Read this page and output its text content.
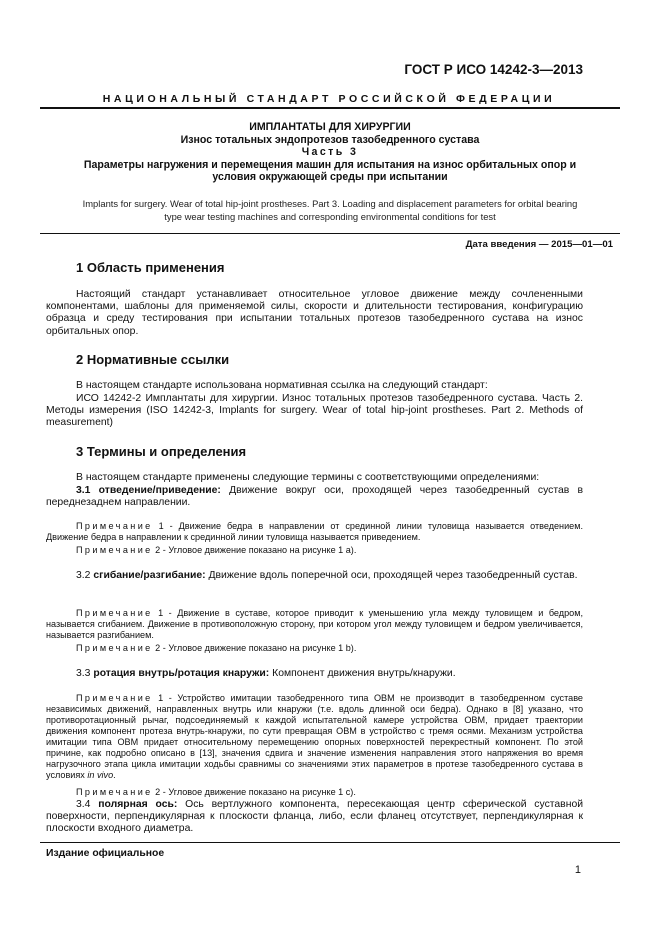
ГОСТ Р ИСО 14242-3—2013
НАЦИОНАЛЬНЫЙ СТАНДАРТ РОССИЙСКОЙ ФЕДЕРАЦИИ
ИМПЛАНТАТЫ ДЛЯ ХИРУРГИИ
Износ тотальных эндопротезов тазобедренного сустава
Часть 3
Параметры нагружения и перемещения машин для испытания на износ орбитальных опор и
условия окружающей среды при испытании
Implants for surgery. Wear of total hip-joint prostheses. Part 3. Loading and displacement parameters for orbital bearing
type wear testing machines and corresponding environmental conditions for test
Дата введения — 2015—01—01
1 Область применения
Настоящий стандарт устанавливает относительное угловое движение между сочлененными компонентами, шаблоны для применяемой силы, скорости и длительности тестирования, конфигурацию образца и среду тестирования при испытании тотальных протезов тазобедренного сустава на износ орбитальных опор.
2 Нормативные ссылки
В настоящем стандарте использована нормативная ссылка на следующий стандарт:
ИСО 14242-2 Имплантаты для хирургии. Износ тотальных протезов тазобедренного сустава. Часть 2. Методы измерения (ISO 14242-3, Implants for surgery. Wear of total hip-joint prostheses. Part 2. Methods of measurement)
3 Термины и определения
В настоящем стандарте применены следующие термины с соответствующими определениями:
3.1 отведение/приведение: Движение вокруг оси, проходящей через тазобедренный сустав в переднезаднем направлении.
Примечание 1 - Движение бедра в направлении от срединной линии туловища называется отведением. Движение бедра в направлении к срединной линии туловища называется приведением.
Примечание 2 - Угловое движение показано на рисунке 1 а).
3.2 сгибание/разгибание: Движение вдоль поперечной оси, проходящей через тазобедренный сустав.
Примечание 1 - Движение в суставе, которое приводит к уменьшению угла между туловищем и бедром, называется сгибанием. Движение в противоположную сторону, при котором угол между туловищем и бедром увеличивается, называется разгибанием.
Примечание 2 - Угловое движение показано на рисунке 1 b).
3.3 ротация внутрь/ротация кнаружи: Компонент движения внутрь/кнаружи.
Примечание 1 - Устройство имитации тазобедренного типа ОВМ не производит в тазобедренном суставе независимых движений, направленных внутрь или кнаружи (т.е. вдоль длинной оси бедра). Однако в [8] указано, что противоротационный рычаг, подсоединяемый к каждой испытательной камере устройства ОВМ, придает траектории движения компонент протеза внутрь-кнаружи, по сути превращая ОВМ в устройство с тремя осями. Механизм устройства имитации типа ОВМ придает относительному перемещению опорных поверхностей перекрестный компонент. По этой причине, как подробно описано в [13], значения сдвига и значение изменения направления этого напряжения во время нагрузочного этапа цикла имитации ходьбы сравнимы со значениями этих параметров в протезе тазобедренного сустава в условиях in vivo.
Примечание 2 - Угловое движение показано на рисунке 1 с).
3.4 полярная ось: Ось вертлужного компонента, пересекающая центр сферической суставной поверхности, перпендикулярная к плоскости фланца, либо, если фланец отсутствует, перпендикулярная к плоскости входного диаметра.
Издание официальное
1
